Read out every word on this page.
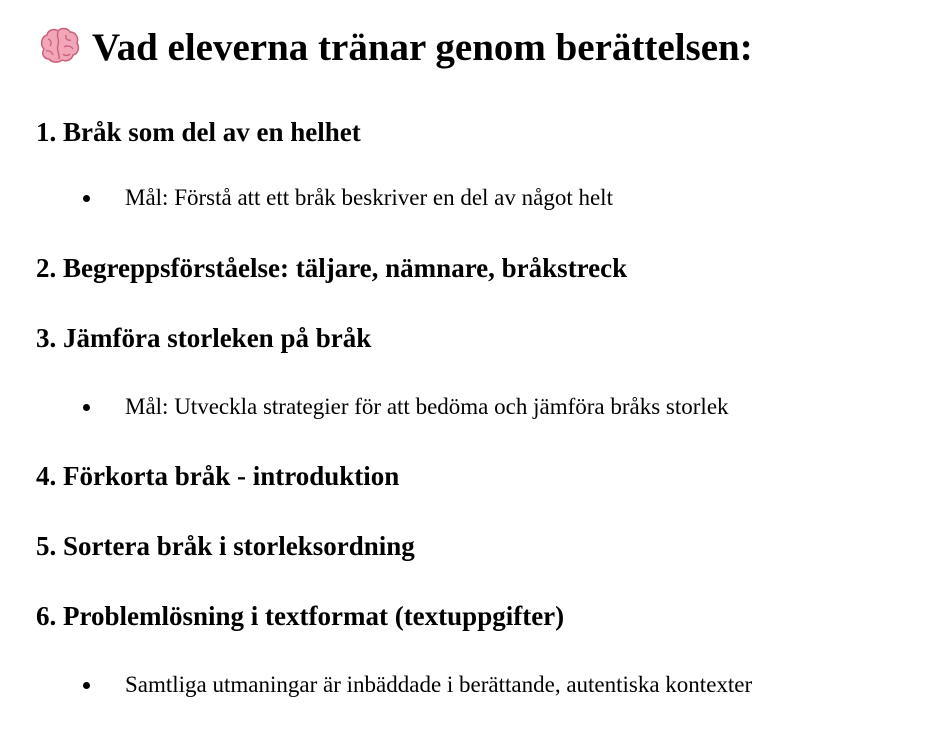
Vad eleverna tränar genom berättelsen:
1. Bråk som del av en helhet
Mål: Förstå att ett bråk beskriver en del av något helt
2. Begreppsförståelse: täljare, nämnare, bråkstreck
3. Jämföra storleken på bråk
Mål: Utveckla strategier för att bedöma och jämföra bråks storlek
4. Förkorta bråk - introduktion
5. Sortera bråk i storleksordning
6. Problemlösning i textformat (textuppgifter)
Samtliga utmaningar är inbäddade i berättande, autentiska kontexter
